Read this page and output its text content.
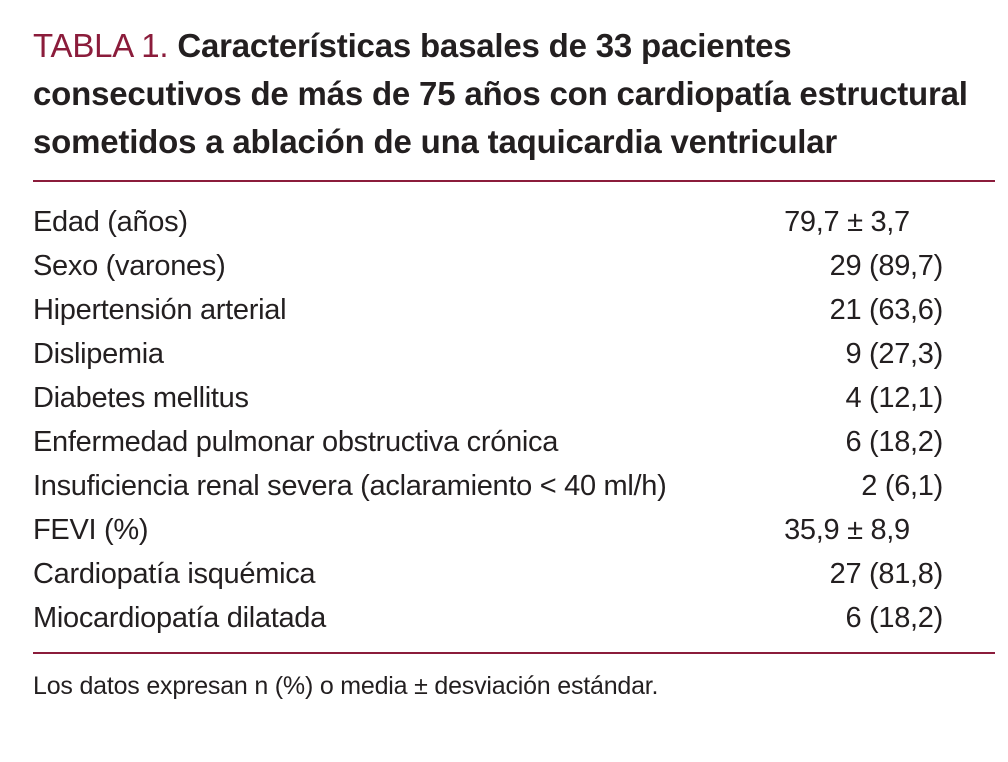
TABLA 1. Características basales de 33 pacientes consecutivos de más de 75 años con cardiopatía estructural sometidos a ablación de una taquicardia ventricular

Edad (años)	79,7 ± 3,7
Sexo (varones)	29 (89,7)
Hipertensión arterial	21 (63,6)
Dislipemia	9 (27,3)
Diabetes mellitus	4 (12,1)
Enfermedad pulmonar obstructiva crónica	6 (18,2)
Insuficiencia renal severa (aclaramiento < 40 ml/h)	2 (6,1)
FEVI (%)	35,9 ± 8,9
Cardiopatía isquémica	27 (81,8)
Miocardiopatía dilatada	6 (18,2)
Los datos expresan n (%) o media ± desviación estándar.
